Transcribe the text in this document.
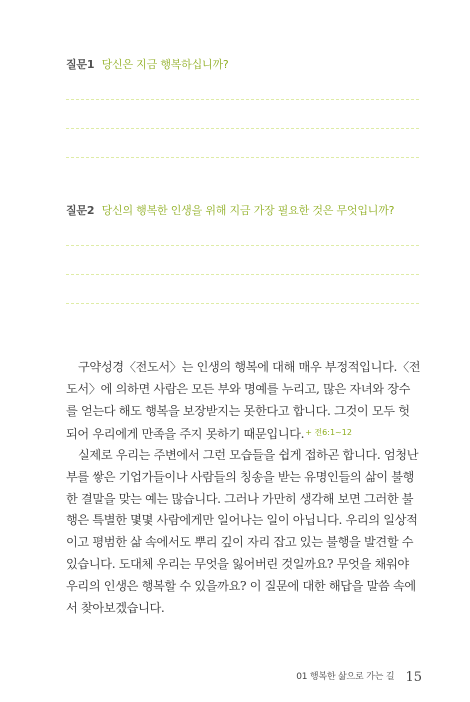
질문1 당신은 지금 행복하십니까?
질문2 당신의 행복한 인생을 위해 지금 가장 필요한 것은 무엇입니까?

구약성경〈전도서〉는 인생의 행복에 대해 매우 부정적입니다.〈전도서〉에 의하면 사람은 모든 부와 명예를 누리고, 많은 자녀와 장수를 얻는다 해도 행복을 보장받지는 못한다고 합니다. 그것이 모두 헛되어 우리에게 만족을 주지 못하기 때문입니다.$^{+ 전6:1\sim 12}$

실제로 우리는 주변에서 그런 모습들을 쉽게 접하곤 합니다. 엄청난 부를 쌓은 기업가들이나 사람들의 칭송을 받는 유명인들의 삶이 불행한 결말을 맞는 예는 많습니다. 그러나 가만히 생각해 보면 그러한 불행은 특별한 몇몇 사람에게만 일어나는 일이 아닙니다. 우리의 일상적이고 평범한 삶 속에서도 뿌리 깊이 자리 잡고 있는 불행을 발견할 수 있습니다. 도대체 우리는 무엇을 잃어버린 것일까요? 무엇을 채워야 우리의 인생은 행복할 수 있을까요? 이 질문에 대한 해답을 말씀 속에서 찾아보겠습니다.

01 행복한 삶으로 가는 길 15
